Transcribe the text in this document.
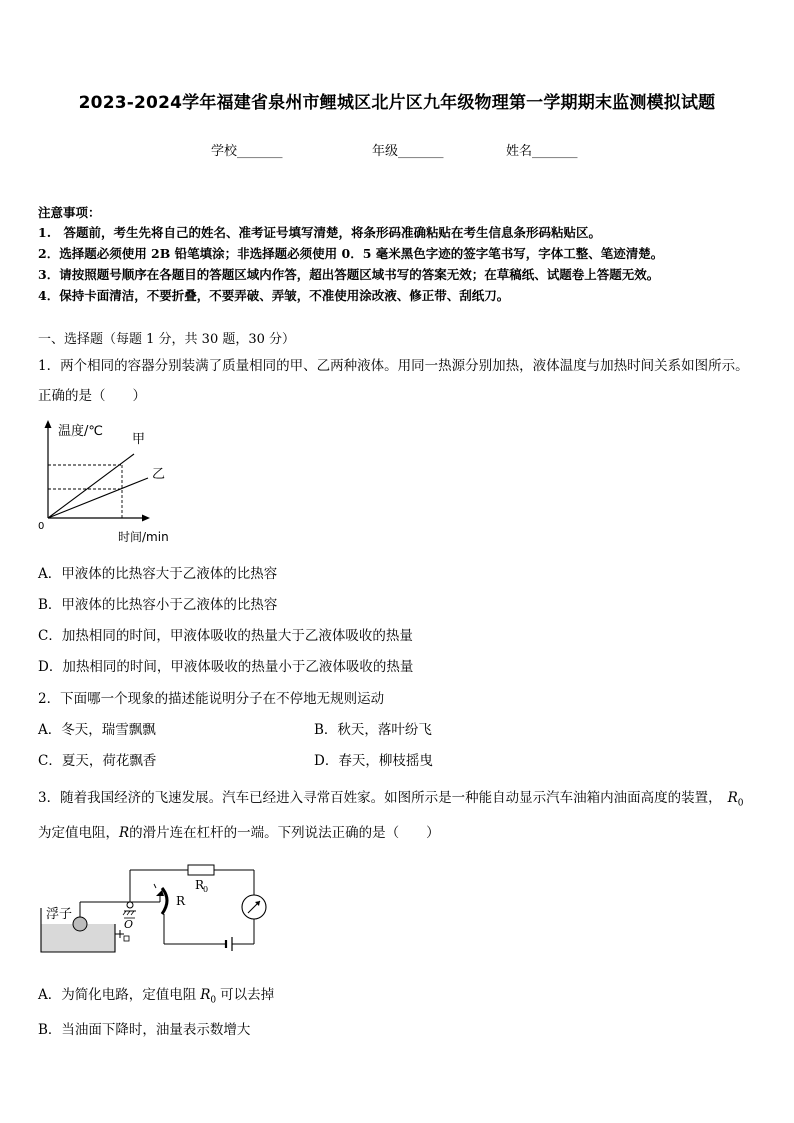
2023-2024学年福建省泉州市鲤城区北片区九年级物理第一学期期末监测模拟试题
学校_______	年级_______	姓名_______
注意事项：
1.　答题前，考生先将自己的姓名、准考证号填写清楚，将条形码准确粘贴在考生信息条形码粘贴区。
2．选择题必须使用 2B 铅笔填涂；非选择题必须使用 0．5 毫米黑色字迹的签字笔书写，字体工整、笔迹清楚。
3．请按照题号顺序在各题目的答题区域内作答，超出答题区域书写的答案无效；在草稿纸、试题卷上答题无效。
4．保持卡面清洁，不要折叠，不要弄破、弄皱，不准使用涂改液、修正带、刮纸刀。
一、选择题（每题 1 分，共 30 题，30 分）
1．两个相同的容器分别装满了质量相同的甲、乙两种液体。用同一热源分别加热，液体温度与加热时间关系如图所示。
正确的是（　　）
温度/℃
时间/min
0
甲
乙
A．甲液体的比热容大于乙液体的比热容
B．甲液体的比热容小于乙液体的比热容
C．加热相同的时间，甲液体吸收的热量大于乙液体吸收的热量
D．加热相同的时间，甲液体吸收的热量小于乙液体吸收的热量
2．下面哪一个现象的描述能说明分子在不停地无规则运动
A．冬天，瑞雪飘飘	B．秋天，落叶纷飞
C．夏天，荷花飘香	D．春天，柳枝摇曳
3．随着我国经济的飞速发展。汽车已经进入寻常百姓家。如图所示是一种能自动显示汽车油箱内油面高度的装置， $R_0$
为定值电阻，R的滑片连在杠杆的一端。下列说法正确的是（　　）
浮子
O
R
R
0
A．为简化电路，定值电阻 $R_0$ 可以去掉
B．当油面下降时，油量表示数增大
